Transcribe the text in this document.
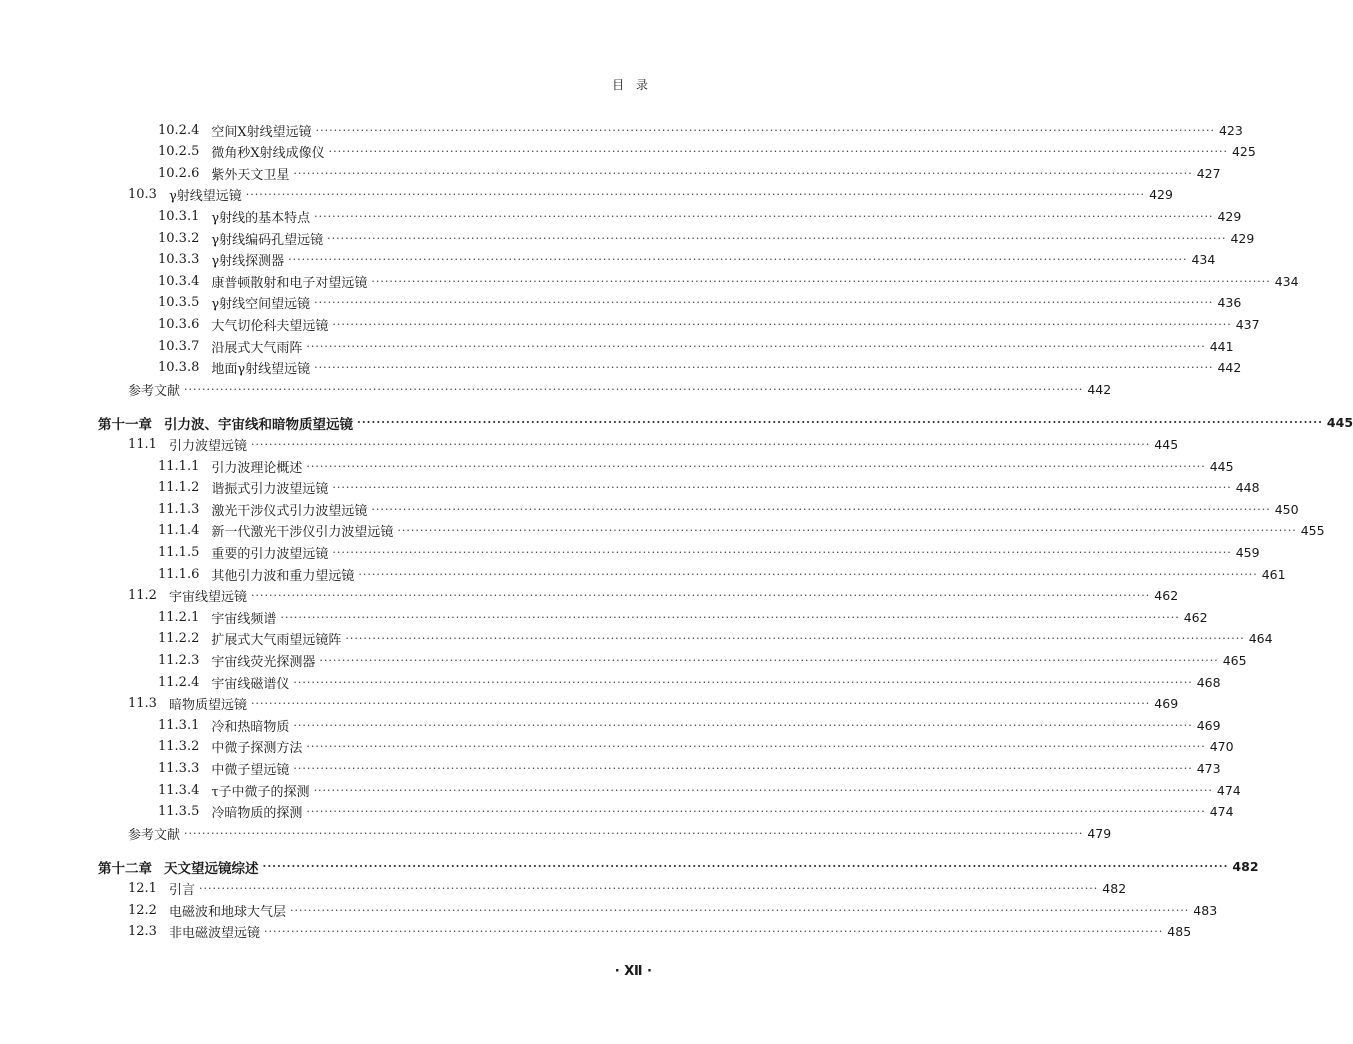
目 录
10.2.4 空间X射线望远镜 ········································································································································································································ 423
10.2.5 微角秒X射线成像仪 ········································································································································································································ 425
10.2.6 紫外天文卫星 ········································································································································································································ 427
10.3 γ射线望远镜 ········································································································································································································ 429
10.3.1 γ射线的基本特点 ········································································································································································································ 429
10.3.2 γ射线编码孔望远镜 ········································································································································································································ 429
10.3.3 γ射线探测器 ········································································································································································································ 434
10.3.4 康普顿散射和电子对望远镜 ········································································································································································································ 434
10.3.5 γ射线空间望远镜 ········································································································································································································ 436
10.3.6 大气切伦科夫望远镜 ········································································································································································································ 437
10.3.7 沿展式大气雨阵 ········································································································································································································ 441
10.3.8 地面γ射线望远镜 ········································································································································································································ 442
参考文献 ········································································································································································································ 442
第十一章 引力波、宇宙线和暗物质望远镜 ········································································································································································································ 445
11.1 引力波望远镜 ········································································································································································································ 445
11.1.1 引力波理论概述 ········································································································································································································ 445
11.1.2 谐振式引力波望远镜 ········································································································································································································ 448
11.1.3 激光干涉仪式引力波望远镜 ········································································································································································································ 450
11.1.4 新一代激光干涉仪引力波望远镜 ········································································································································································································ 455
11.1.5 重要的引力波望远镜 ········································································································································································································ 459
11.1.6 其他引力波和重力望远镜 ········································································································································································································ 461
11.2 宇宙线望远镜 ········································································································································································································ 462
11.2.1 宇宙线频谱 ········································································································································································································ 462
11.2.2 扩展式大气雨望远镜阵 ········································································································································································································ 464
11.2.3 宇宙线荧光探测器 ········································································································································································································ 465
11.2.4 宇宙线磁谱仪 ········································································································································································································ 468
11.3 暗物质望远镜 ········································································································································································································ 469
11.3.1 冷和热暗物质 ········································································································································································································ 469
11.3.2 中微子探测方法 ········································································································································································································ 470
11.3.3 中微子望远镜 ········································································································································································································ 473
11.3.4 τ子中微子的探测 ········································································································································································································ 474
11.3.5 冷暗物质的探测 ········································································································································································································ 474
参考文献 ········································································································································································································ 479
第十二章 天文望远镜综述 ········································································································································································································ 482
12.1 引言 ········································································································································································································ 482
12.2 电磁波和地球大气层 ········································································································································································································ 483
12.3 非电磁波望远镜 ········································································································································································································ 485
· Ⅻ ·
